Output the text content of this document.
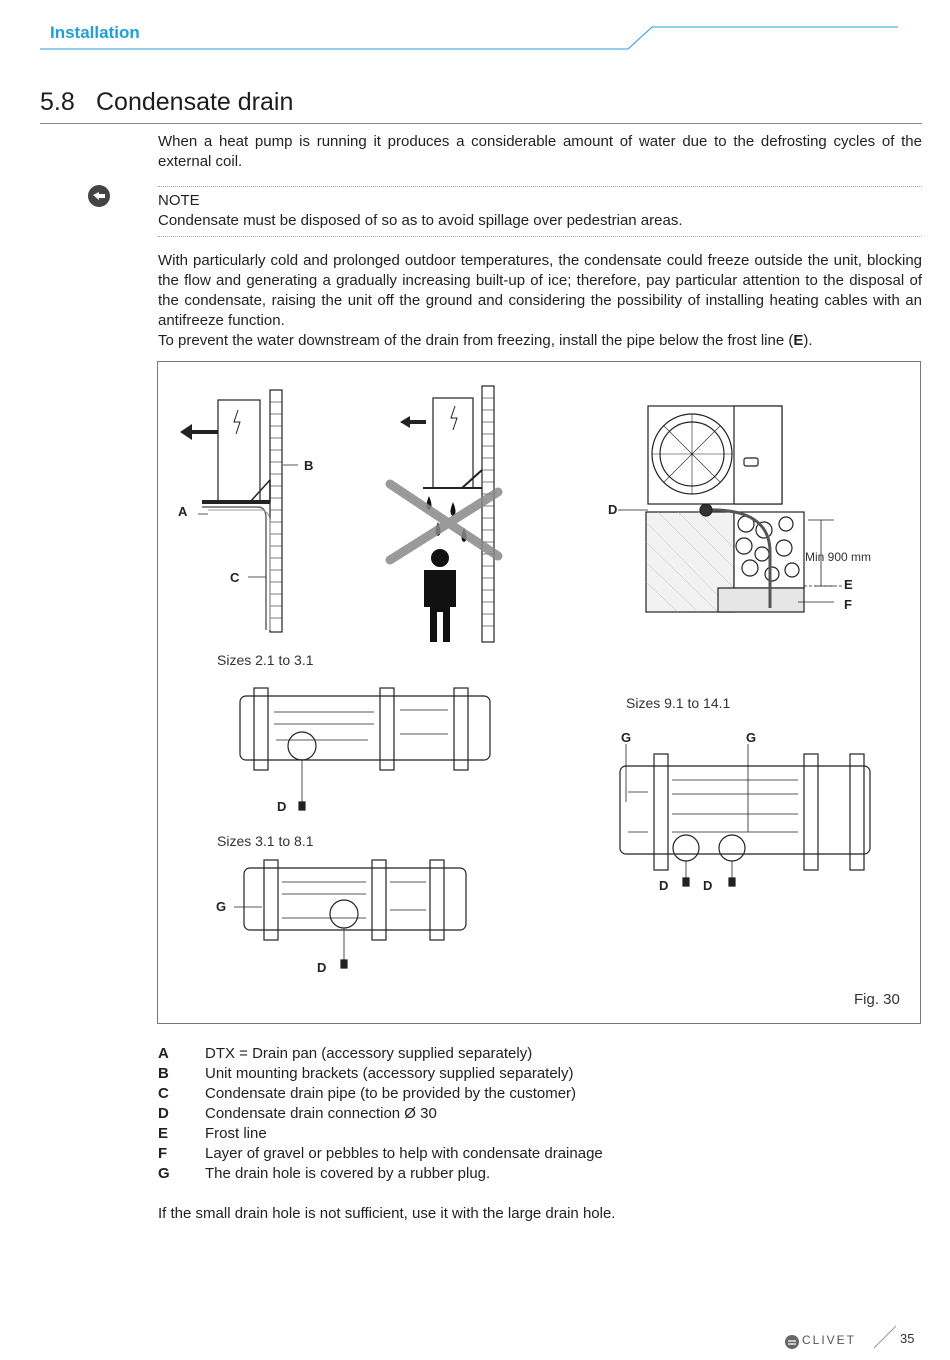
Installation
5.8 Condensate drain
When a heat pump is running it produces a considerable amount of water due to the defrosting cycles of the external coil.
NOTE
Condensate must be disposed of so as to avoid spillage over pedestrian areas.
With particularly cold and prolonged outdoor temperatures, the condensate could freeze outside the unit, blocking the flow and generating a gradually increasing built-up of ice; therefore, pay particular attention to the disposal of the condensate, raising the unit off the ground and considering the possibility of installing heating cables with an antifreeze function.
To prevent the water downstream of the drain from freezing, install the pipe below the frost line (E).
B
A
C
D
Min 900 mm
E
F
Sizes 2.1 to 3.1
D
Sizes 3.1 to 8.1
G
D
Sizes 9.1 to 14.1
G	G
D	D
Fig. 30
A DTX = Drain pan (accessory supplied separately)
B Unit mounting brackets (accessory supplied separately)
C Condensate drain pipe (to be provided by the customer)
D Condensate drain connection Ø 30
E Frost line
F	Layer of gravel or pebbles to help with condensate drainage
G The drain hole is covered by a rubber plug.
If the small drain hole is not sufficient, use it with the large drain hole.
CLIVET	35
